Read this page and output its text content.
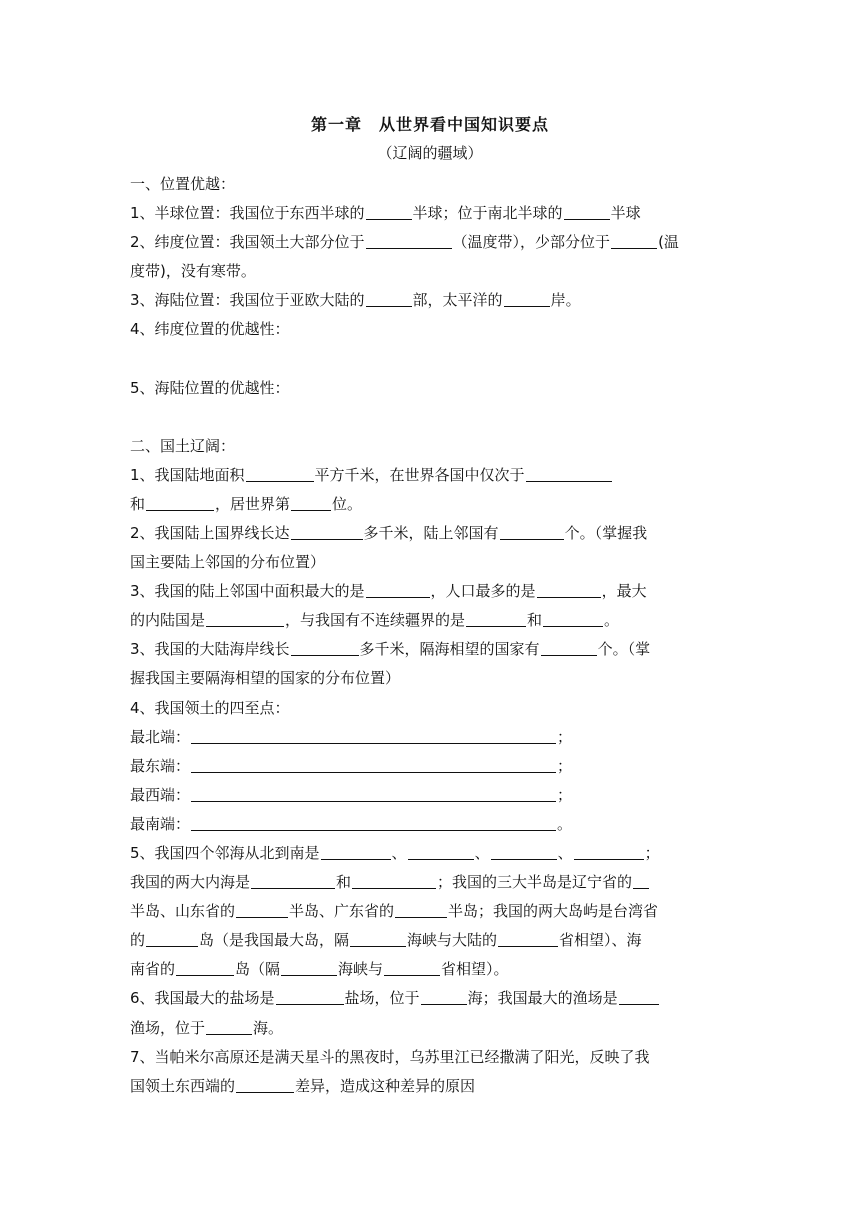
第一章　从世界看中国知识要点
（辽阔的疆域）
一、位置优越：
1、半球位置：我国位于东西半球的	半球；位于南北半球的	半球
2、纬度位置：我国领土大部分位于	（温度带），少部分位于	(温
度带)，没有寒带。
3、海陆位置：我国位于亚欧大陆的	部，太平洋的	岸。
4、纬度位置的优越性：
5、海陆位置的优越性：
二、国土辽阔：
1、我国陆地面积	平方千米，在世界各国中仅次于
和	，居世界第	位。
2、我国陆上国界线长达	多千米，陆上邻国有	个。（掌握我
国主要陆上邻国的分布位置）
3、我国的陆上邻国中面积最大的是	，人口最多的是	，最大
的内陆国是	，与我国有不连续疆界的是	和	。
3、我国的大陆海岸线长	多千米，隔海相望的国家有	个。（掌
握我国主要隔海相望的国家的分布位置）
4、我国领土的四至点：
最北端：	；
最东端：	；
最西端：	；
最南端：	。
5、我国四个邻海从北到南是	、	、	、	；
我国的两大内海是	和	；我国的三大半岛是辽宁省的
半岛、山东省的	半岛、广东省的	半岛；我国的两大岛屿是台湾省
的	岛（是我国最大岛，隔	海峡与大陆的	省相望）、海
南省的	岛（隔	海峡与	省相望）。
6、我国最大的盐场是	盐场，位于	海；我国最大的渔场是
渔场，位于	海。
7、当帕米尔高原还是满天星斗的黑夜时，乌苏里江已经撒满了阳光，反映了我
国领土东西端的	差异，造成这种差异的原因
